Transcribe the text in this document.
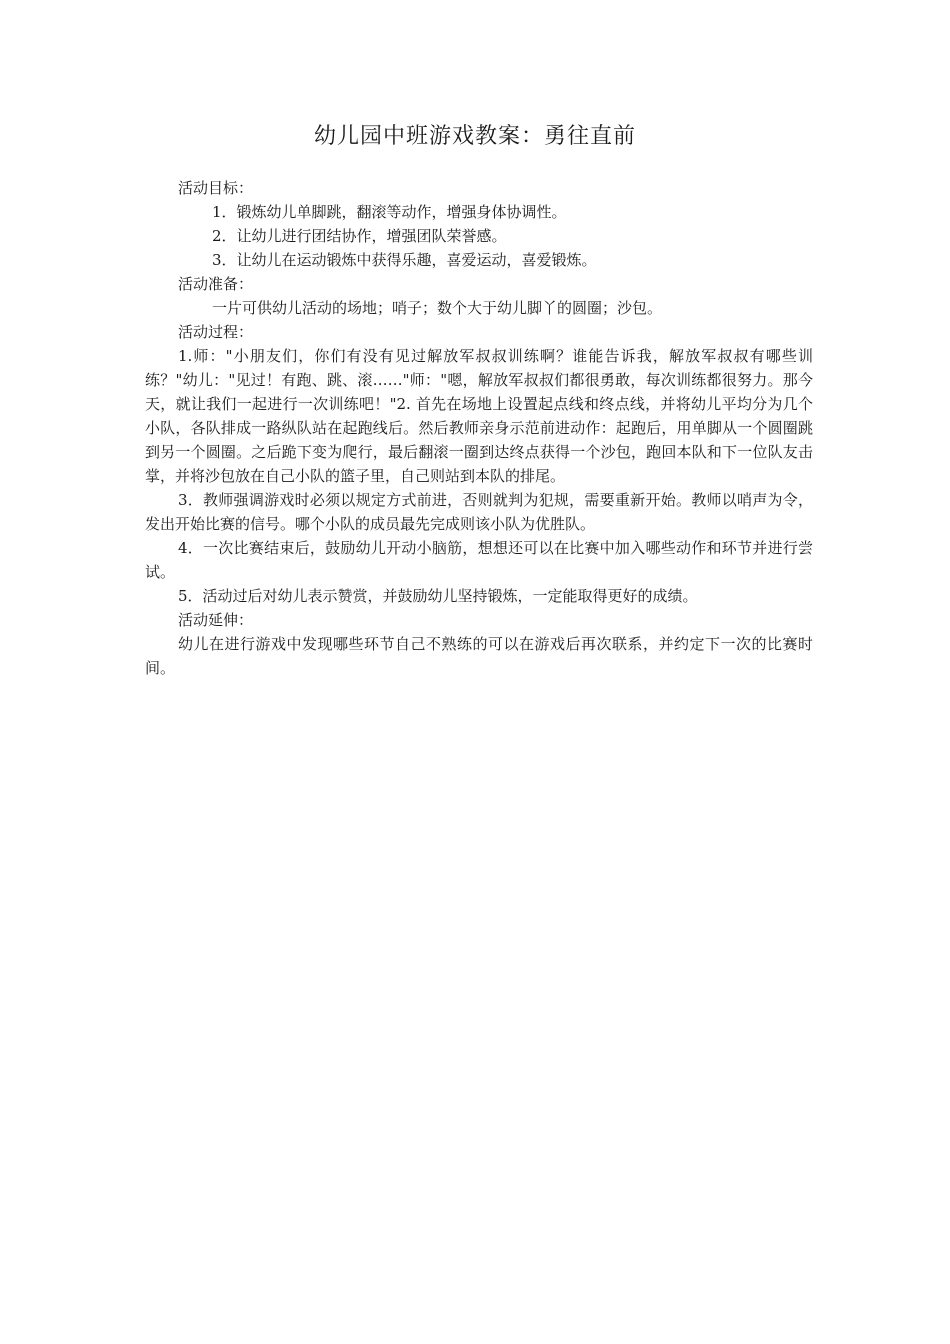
幼儿园中班游戏教案：勇往直前

活动目标：

1．锻炼幼儿单脚跳，翻滚等动作，增强身体协调性。

2．让幼儿进行团结协作，增强团队荣誉感。

3．让幼儿在运动锻炼中获得乐趣，喜爱运动，喜爱锻炼。

活动准备：

一片可供幼儿活动的场地；哨子；数个大于幼儿脚丫的圆圈；沙包。

活动过程：

1.师："小朋友们，你们有没有见过解放军叔叔训练啊？谁能告诉我，解放军叔叔有哪些训练？"幼儿："见过！有跑、跳、滚……"师："嗯，解放军叔叔们都很勇敢，每次训练都很努力。那今天，就让我们一起进行一次训练吧！"2. 首先在场地上设置起点线和终点线，并将幼儿平均分为几个小队，各队排成一路纵队站在起跑线后。然后教师亲身示范前进动作：起跑后，用单脚从一个圆圈跳到另一个圆圈。之后跪下变为爬行，最后翻滚一圈到达终点获得一个沙包，跑回本队和下一位队友击掌，并将沙包放在自己小队的篮子里，自己则站到本队的排尾。

3．教师强调游戏时必须以规定方式前进，否则就判为犯规，需要重新开始。教师以哨声为令，发出开始比赛的信号。哪个小队的成员最先完成则该小队为优胜队。

4．一次比赛结束后，鼓励幼儿开动小脑筋，想想还可以在比赛中加入哪些动作和环节并进行尝试。

5．活动过后对幼儿表示赞赏，并鼓励幼儿坚持锻炼，一定能取得更好的成绩。

活动延伸：

幼儿在进行游戏中发现哪些环节自己不熟练的可以在游戏后再次联系，并约定下一次的比赛时间。
